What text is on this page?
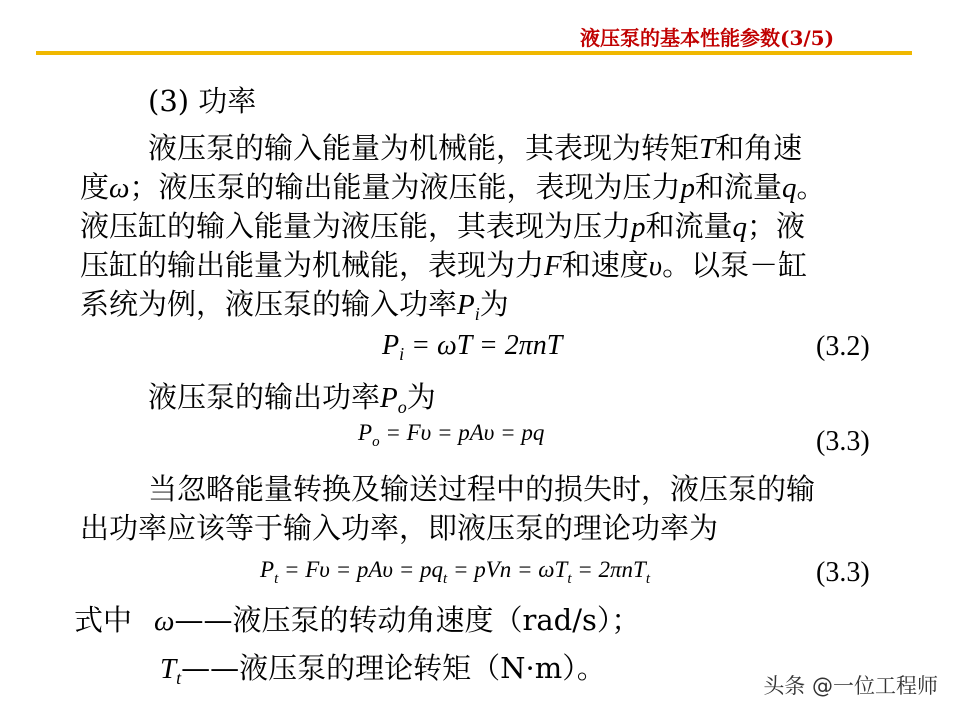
液压泵的基本性能参数(3/5)
(3) 功率
液压泵的输入能量为机械能，其表现为转矩T和角速
度ω；液压泵的输出能量为液压能，表现为压力p和流量q。
液压缸的输入能量为液压能，其表现为压力p和流量q；液
压缸的输出能量为机械能，表现为力F和速度υ。以泵－缸
系统为例，液压泵的输入功率$P_i$为
$P_i = \omega T = 2\pi nT$	(3.2)
液压泵的输出功率$P_o$为
$P_o = F\upsilon = pA\upsilon$ = pq	(3.3)
当忽略能量转换及输送过程中的损失时，液压泵的输
出功率应该等于输入功率，即液压泵的理论功率为
$P_t = F\upsilon = pA\upsilon = pq_t$ = pVn = $\omega T_t = 2\pi nT_t$	(3.3)
式中 ω——液压泵的转动角速度（rad/s）；
$T_t——$液压泵的理论转矩（N·m）。
头条 @一位工程师
